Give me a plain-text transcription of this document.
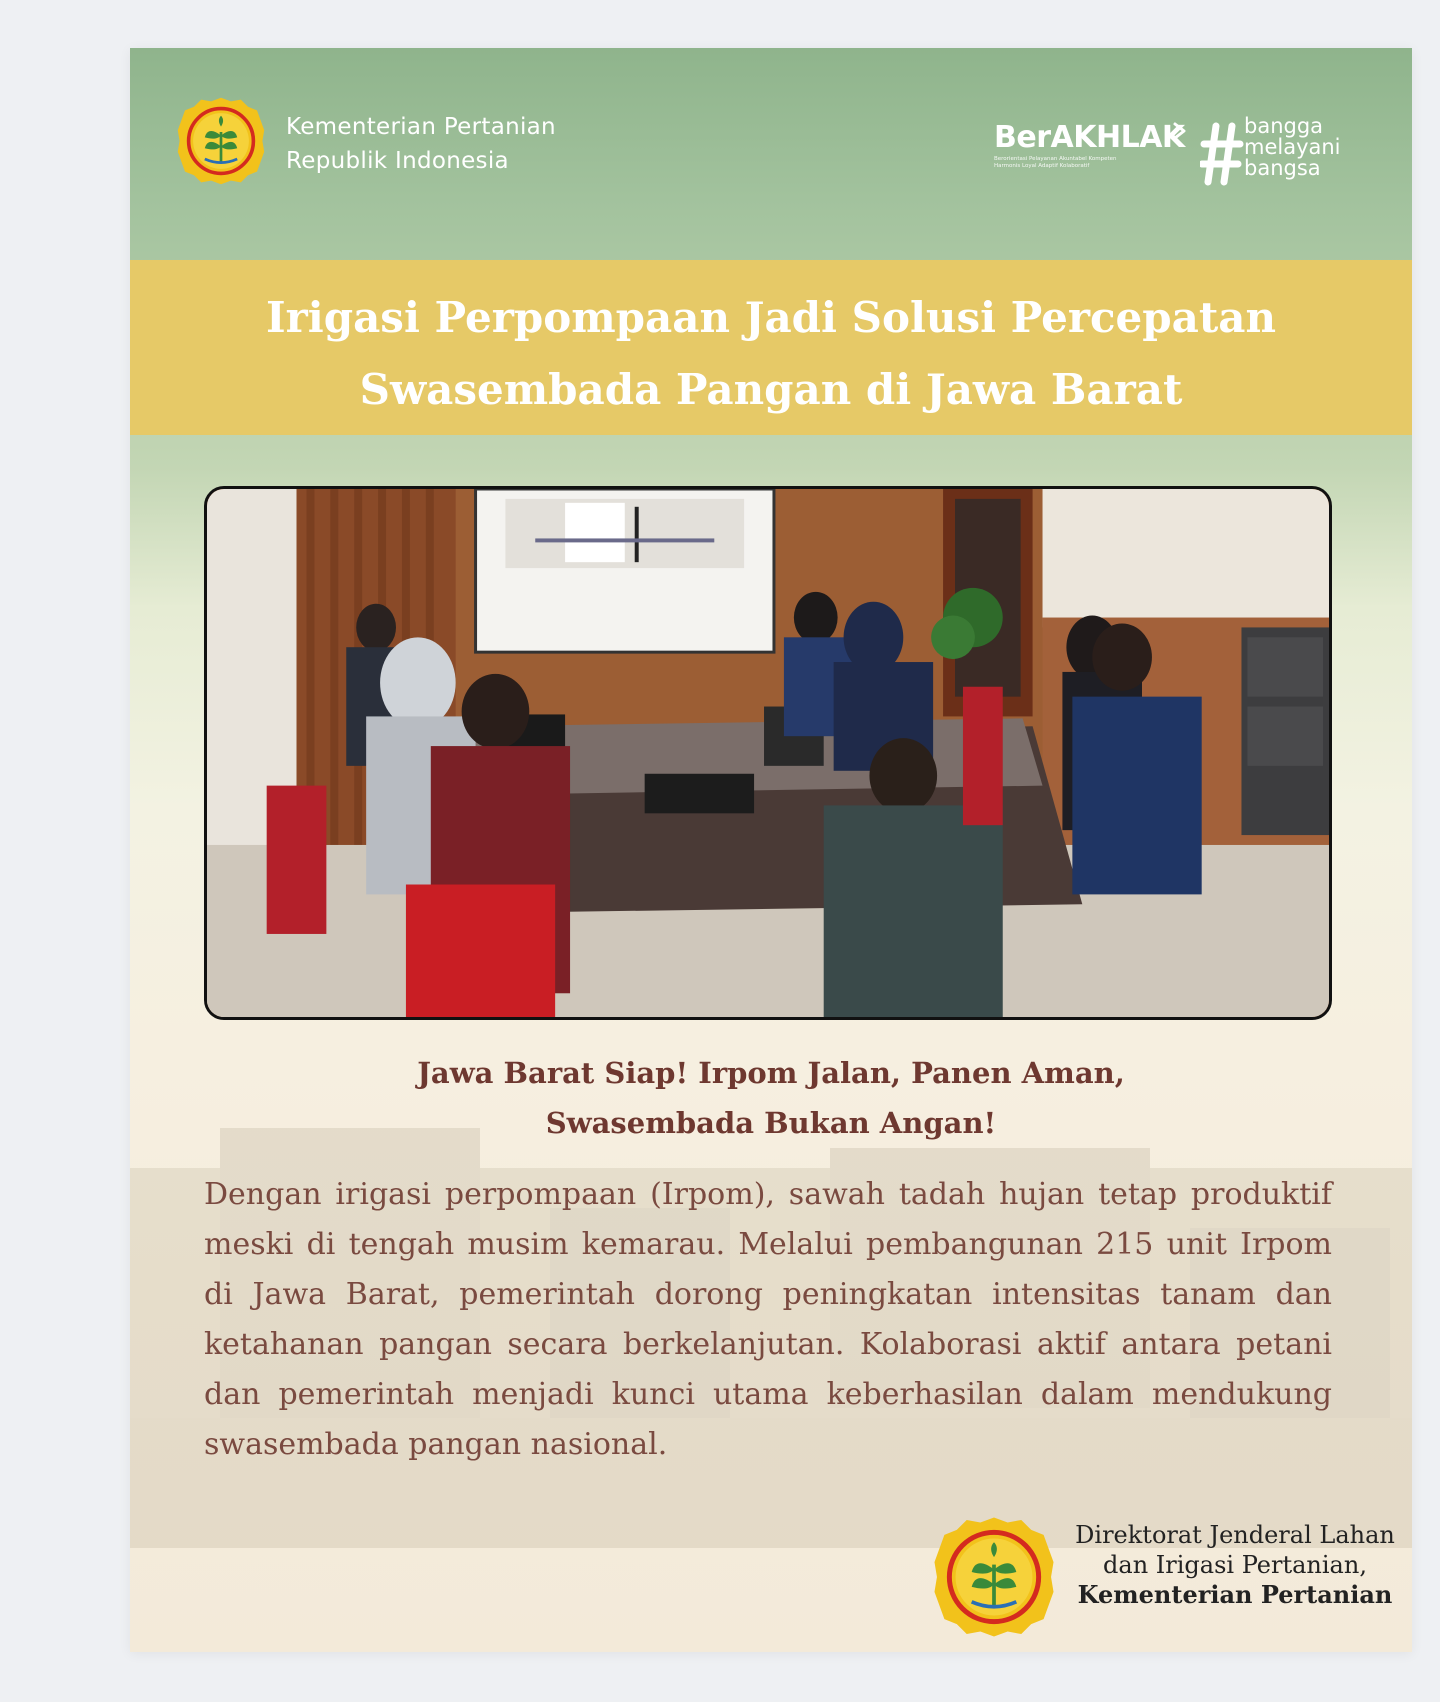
Kementerian Pertanian
Republik Indonesia
BerAKHLAK
Berorientasi Pelayanan Akuntabel Kompeten
Harmonis Loyal Adaptif Kolaboratif
bangga
melayani
bangsa
Irigasi Perpompaan Jadi Solusi Percepatan
Swasembada Pangan di Jawa Barat
Jawa Barat Siap! Irpom Jalan, Panen Aman,
Swasembada Bukan Angan!

Dengan irigasi perpompaan (Irpom), sawah tadah hujan tetap produktif meski di tengah musim kemarau. Melalui pembangunan 215 unit Irpom di Jawa Barat, pemerintah dorong peningkatan intensitas tanam dan ketahanan pangan secara berkelanjutan. Kolaborasi aktif antara petani dan pemerintah menjadi kunci utama keberhasilan dalam mendukung swasembada pangan nasional.

Direktorat Jenderal Lahan
dan Irigasi Pertanian,
Kementerian Pertanian
